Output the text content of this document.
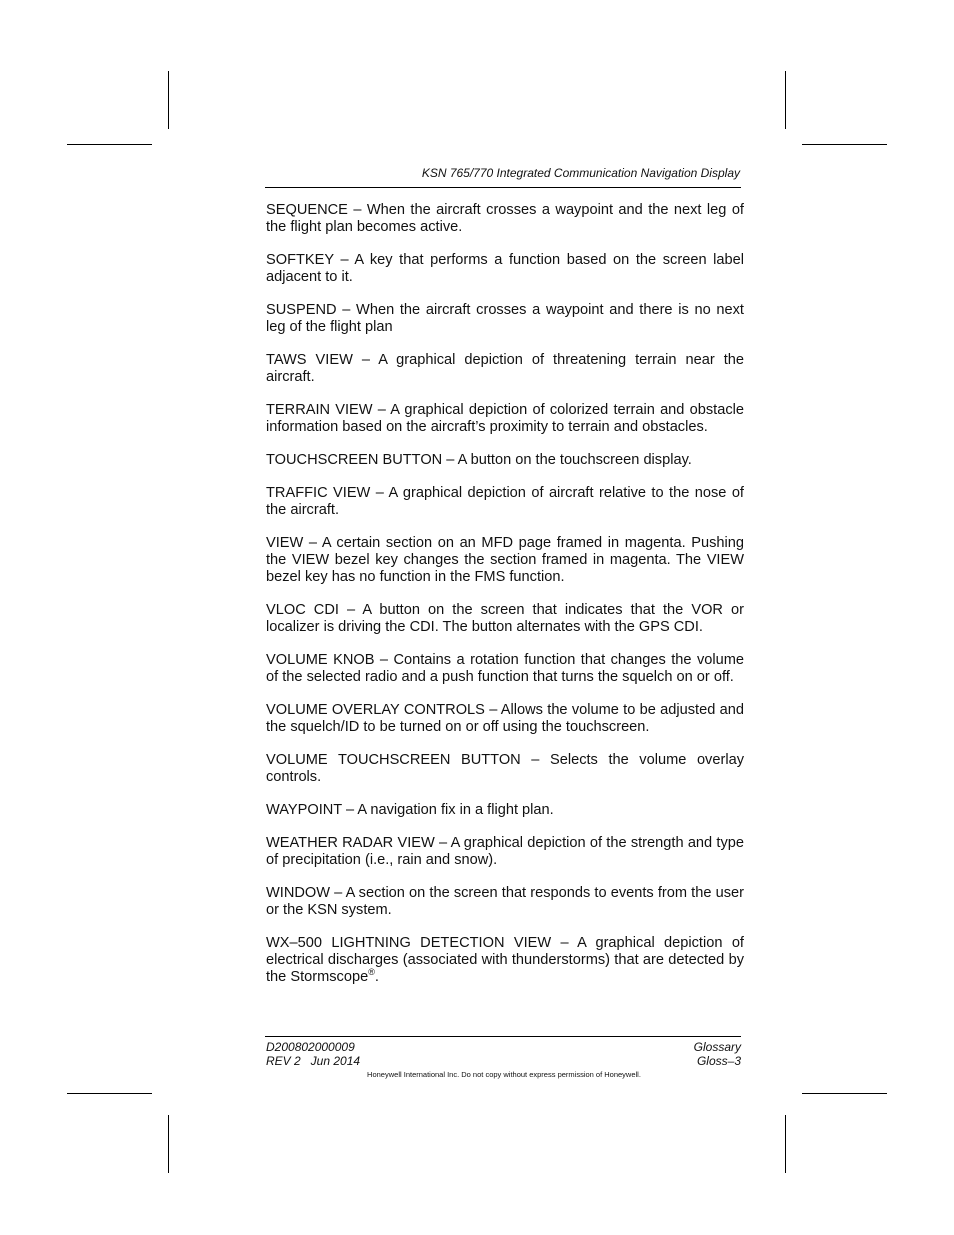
KSN 765/770 Integrated Communication Navigation Display

SEQUENCE – When the aircraft crosses a waypoint and the next leg of the flight plan becomes active.

SOFTKEY – A key that performs a function based on the screen label adjacent to it.

SUSPEND – When the aircraft crosses a waypoint and there is no next leg of the flight plan

TAWS VIEW – A graphical depiction of threatening terrain near the aircraft.

TERRAIN VIEW – A graphical depiction of colorized terrain and obstacle information based on the aircraft’s proximity to terrain and obstacles.

TOUCHSCREEN BUTTON – A button on the touchscreen display.

TRAFFIC VIEW – A graphical depiction of aircraft relative to the nose of the aircraft.

VIEW – A certain section on an MFD page framed in magenta. Pushing the VIEW bezel key changes the section framed in magenta. The VIEW bezel key has no function in the FMS function.

VLOC CDI – A button on the screen that indicates that the VOR or localizer is driving the CDI. The button alternates with the GPS CDI.

VOLUME KNOB – Contains a rotation function that changes the volume of the selected radio and a push function that turns the squelch on or off.

VOLUME OVERLAY CONTROLS – Allows the volume to be adjusted and the squelch/ID to be turned on or off using the touchscreen.

VOLUME TOUCHSCREEN BUTTON – Selects the volume overlay controls.

WAYPOINT – A navigation fix in a flight plan.

WEATHER RADAR VIEW – A graphical depiction of the strength and type of precipitation (i.e., rain and snow).

WINDOW – A section on the screen that responds to events from the user or the KSN system.

WX–500 LIGHTNING DETECTION VIEW – A graphical depiction of electrical discharges (associated with thunderstorms) that are detected by the Stormscope®.

D200802000009
REV 2   Jun 2014
Glossary
Gloss–3
Honeywell International Inc. Do not copy without express permission of Honeywell.
